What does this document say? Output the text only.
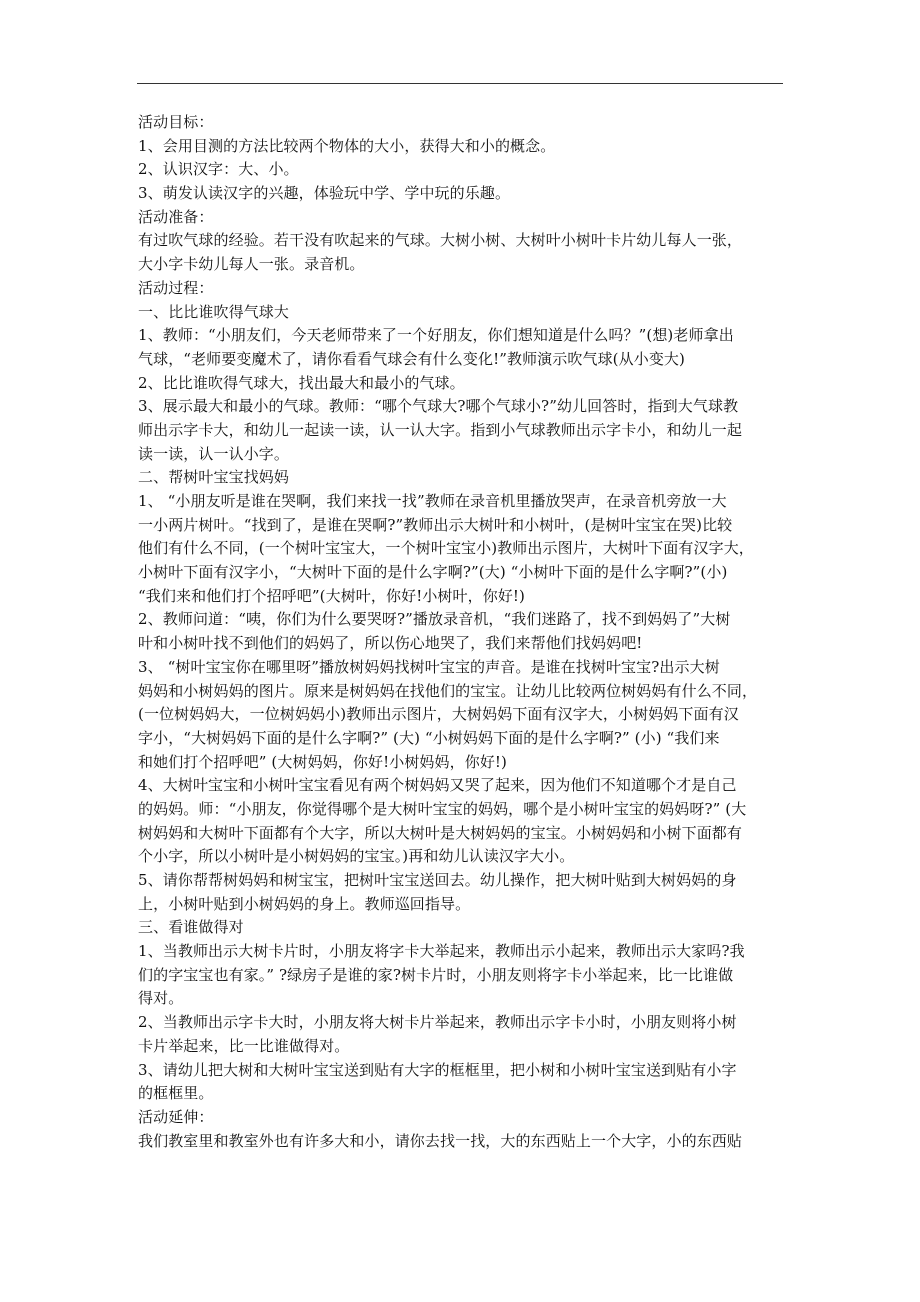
活动目标：
1、会用目测的方法比较两个物体的大小，获得大和小的概念。
2、认识汉字：大、小。
3、萌发认读汉字的兴趣，体验玩中学、学中玩的乐趣。
活动准备：
有过吹气球的经验。若干没有吹起来的气球。大树小树、大树叶小树叶卡片幼儿每人一张，
大小字卡幼儿每人一张。录音机。
活动过程：
一、比比谁吹得气球大
1、教师：“小朋友们，今天老师带来了一个好朋友，你们想知道是什么吗？”(想)老师拿出
气球，“老师要变魔术了，请你看看气球会有什么变化!”教师演示吹气球(从小变大)
2、比比谁吹得气球大，找出最大和最小的气球。
3、展示最大和最小的气球。教师：“哪个气球大?哪个气球小?”幼儿回答时，指到大气球教
师出示字卡大，和幼儿一起读一读，认一认大字。指到小气球教师出示字卡小，和幼儿一起
读一读，认一认小字。
二、帮树叶宝宝找妈妈
1、 “小朋友听是谁在哭啊，我们来找一找”教师在录音机里播放哭声，在录音机旁放一大
一小两片树叶。“找到了，是谁在哭啊?”教师出示大树叶和小树叶，(是树叶宝宝在哭)比较
他们有什么不同，(一个树叶宝宝大，一个树叶宝宝小)教师出示图片，大树叶下面有汉字大，
小树叶下面有汉字小，“大树叶下面的是什么字啊?”(大) “小树叶下面的是什么字啊?”(小)
“我们来和他们打个招呼吧”(大树叶，你好!小树叶，你好!)
2、教师问道：“咦，你们为什么要哭呀?”播放录音机，“我们迷路了，找不到妈妈了”大树
叶和小树叶找不到他们的妈妈了，所以伤心地哭了，我们来帮他们找妈妈吧!
3、 “树叶宝宝你在哪里呀”播放树妈妈找树叶宝宝的声音。是谁在找树叶宝宝?出示大树
妈妈和小树妈妈的图片。原来是树妈妈在找他们的宝宝。让幼儿比较两位树妈妈有什么不同，
(一位树妈妈大，一位树妈妈小)教师出示图片，大树妈妈下面有汉字大，小树妈妈下面有汉
字小，“大树妈妈下面的是什么字啊?” (大) “小树妈妈下面的是什么字啊?” (小) “我们来
和她们打个招呼吧” (大树妈妈，你好!小树妈妈，你好!)
4、大树叶宝宝和小树叶宝宝看见有两个树妈妈又哭了起来，因为他们不知道哪个才是自己
的妈妈。师：“小朋友，你觉得哪个是大树叶宝宝的妈妈，哪个是小树叶宝宝的妈妈呀?” (大
树妈妈和大树叶下面都有个大字，所以大树叶是大树妈妈的宝宝。小树妈妈和小树下面都有
个小字，所以小树叶是小树妈妈的宝宝。)再和幼儿认读汉字大小。
5、请你帮帮树妈妈和树宝宝，把树叶宝宝送回去。幼儿操作，把大树叶贴到大树妈妈的身
上，小树叶贴到小树妈妈的身上。教师巡回指导。
三、看谁做得对
1、当教师出示大树卡片时，小朋友将字卡大举起来，教师出示小起来，教师出示大家吗?我
们的字宝宝也有家。” ?绿房子是谁的家?树卡片时，小朋友则将字卡小举起来，比一比谁做
得对。
2、当教师出示字卡大时，小朋友将大树卡片举起来，教师出示字卡小时，小朋友则将小树
卡片举起来，比一比谁做得对。
3、请幼儿把大树和大树叶宝宝送到贴有大字的框框里，把小树和小树叶宝宝送到贴有小字
的框框里。
活动延伸：
我们教室里和教室外也有许多大和小，请你去找一找，大的东西贴上一个大字，小的东西贴
